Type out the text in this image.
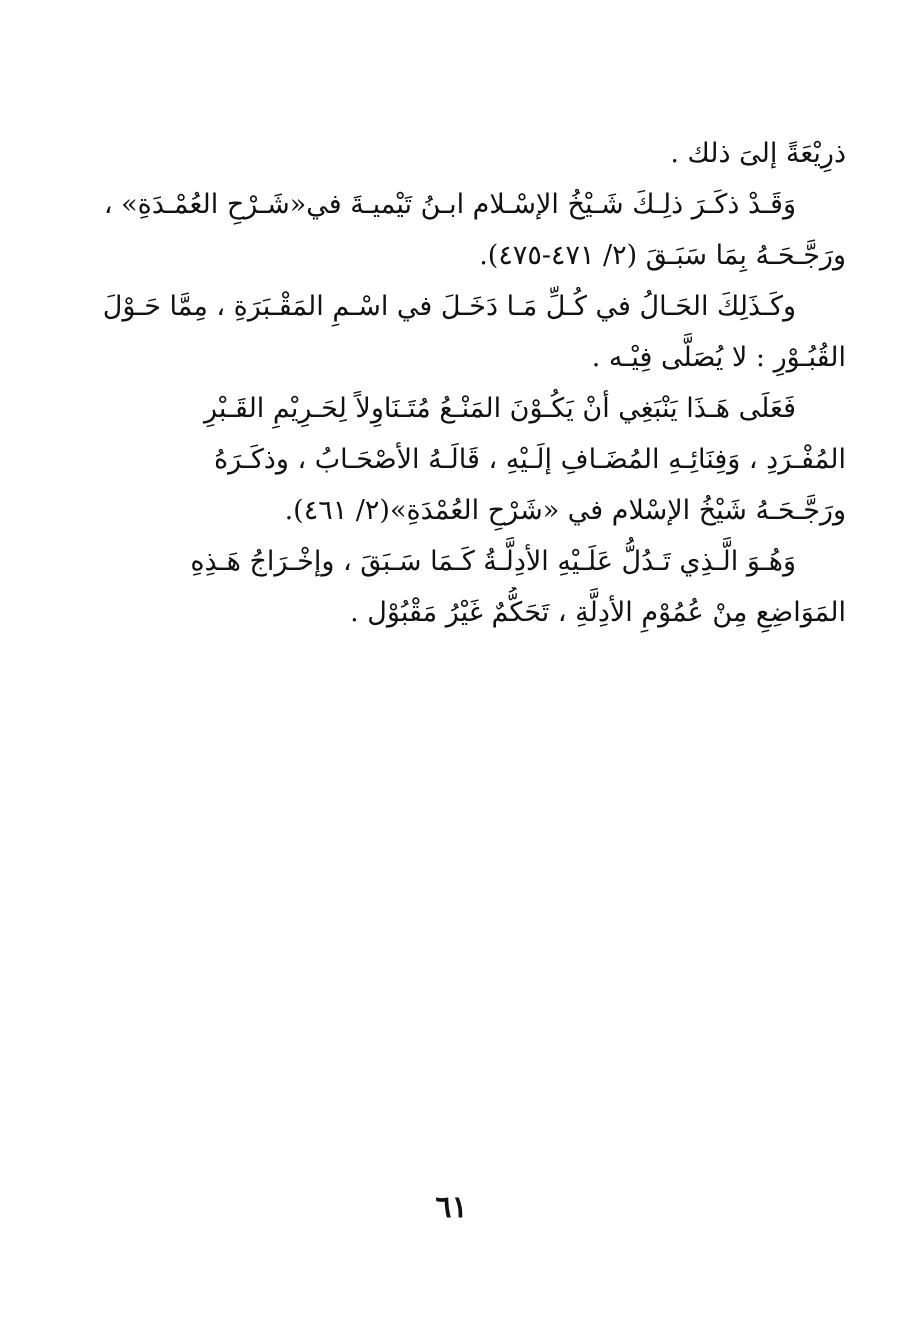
ذرِيْعَةً إلىَ ذلك .

وَقَـدْ ذكَـرَ ذلِـكَ شَـيْخُ الإسْـلام ابـنُ تَيْميـةَ في«شَـرْحِ العُمْـدَةِ» ،
ورَجَّـحَـهُ بِمَا سَبَـقَ (٢/ ٤٧١-٤٧٥).

وكَـذَلِكَ الحَـالُ في كُـلِّ مَـا دَخَـلَ في اسْـمِ المَقْـبَرَةِ ، مِمَّا حَـوْلَ
القُبُـوْرِ : لا يُصَلَّى فِيْـه .

فَعَلَى هَـذَا يَنْبَغِي أنْ يَكُـوْنَ المَنْـعُ مُتَـنَاوِلاً لِحَـرِيْمِ القَـبْرِ
المُفْـرَدِ ، وَفِنَائِـهِ المُضَـافِ إلَـيْهِ ، قَالَـهُ الأصْحَـابُ ، وذكَـرَهُ
ورَجَّـحَـهُ شَيْخُ الإسْلام في «شَرْحِ العُمْدَةِ»(٢/ ٤٦١).

وَهُـوَ الَّـذِي تَـدُلُّ عَلَـيْهِ الأدِلَّـةُ كَـمَا سَـبَقَ ، وإخْـرَاجُ هَـذِهِ
المَوَاضِعِ مِنْ عُمُوْمِ الأدِلَّةِ ، تَحَكُّمٌ غَيْرُ مَقْبُوْل .

٦١
